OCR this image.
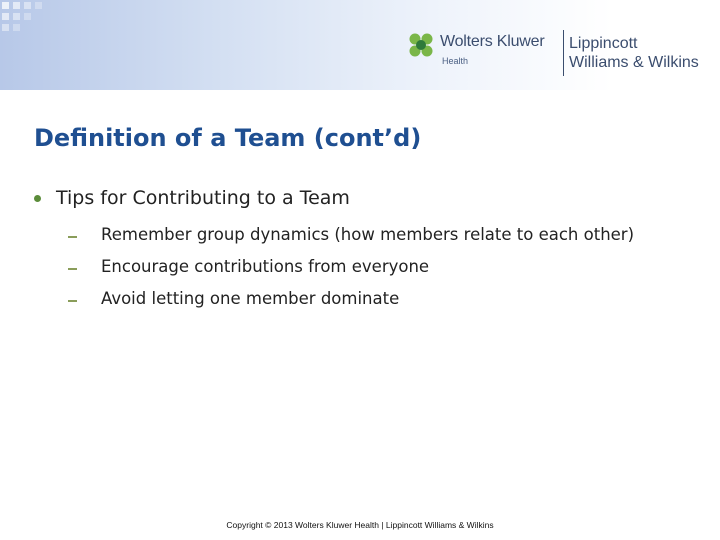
Wolters Kluwer
Health
Lippincott
Williams & Wilkins
Definition of a Team (cont’d)
Tips for Contributing to a Team
Remember group dynamics (how members relate to each other)
Encourage contributions from everyone
Avoid letting one member dominate
Copyright © 2013 Wolters Kluwer Health | Lippincott Williams & Wilkins
